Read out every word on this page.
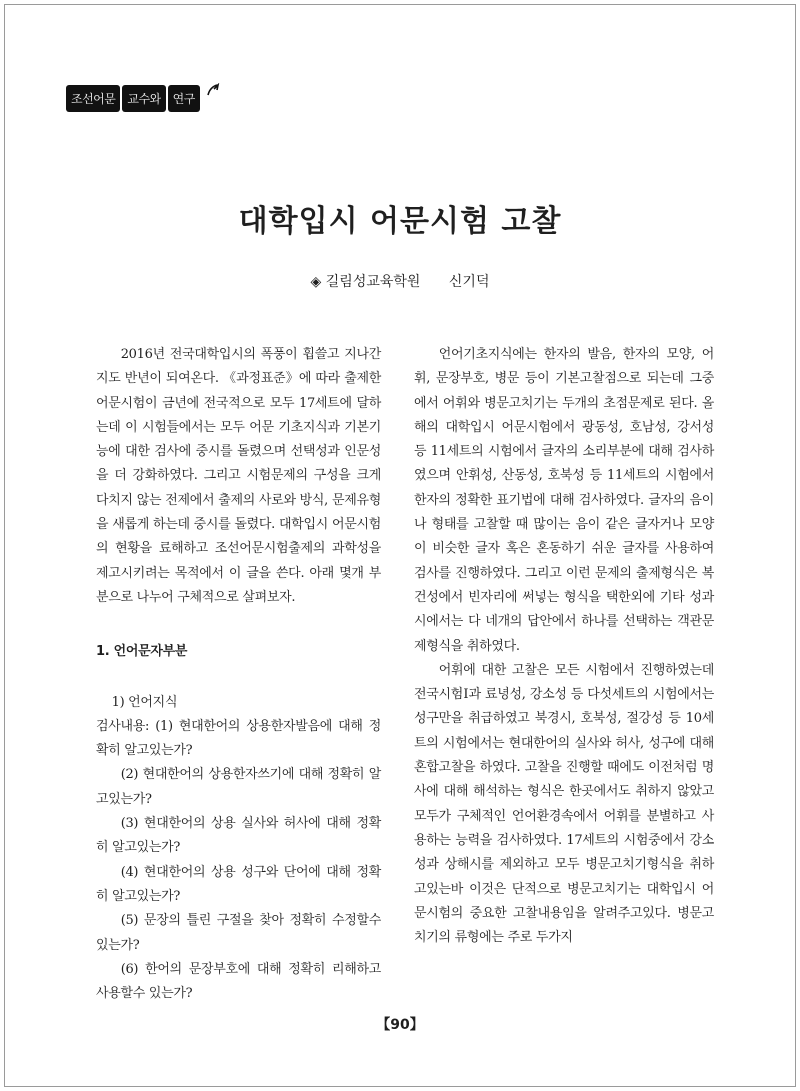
조선어문	교수와	연구
대학입시 어문시험 고찰
◈ 길림성교육학원 신기덕

2016년 전국대학입시의 폭풍이 휩쓸고 지나간지도 반년이 되여온다. 《과정표준》에 따라 출제한 어문시험이 금년에 전국적으로 모두 17세트에 달하는데 이 시험들에서는 모두 어문 기초지식과 기본기능에 대한 검사에 중시를 돌렸으며 선택성과 인문성을 더 강화하였다. 그리고 시험문제의 구성을 크게 다치지 않는 전제에서 출제의 사로와 방식, 문제유형을 새롭게 하는데 중시를 돌렸다. 대학입시 어문시험의 현황을 료해하고 조선어문시험출제의 과학성을 제고시키려는 목적에서 이 글을 쓴다. 아래 몇개 부분으로 나누어 구체적으로 살펴보자.

1. 언어문자부분

1) 언어지식

검사내용: (1) 현대한어의 상용한자발음에 대해 정확히 알고있는가?

(2) 현대한어의 상용한자쓰기에 대해 정확히 알고있는가?

(3) 현대한어의 상용 실사와 허사에 대해 정확히 알고있는가?

(4) 현대한어의 상용 성구와 단어에 대해 정확히 알고있는가?

(5) 문장의 틀린 구절을 찾아 정확히 수정할수 있는가?

(6) 한어의 문장부호에 대해 정확히 리해하고 사용할수 있는가?

언어기초지식에는 한자의 발음, 한자의 모양, 어휘, 문장부호, 병문 등이 기본고찰점으로 되는데 그중에서 어휘와 병문고치기는 두개의 초점문제로 된다. 올해의 대학입시 어문시험에서 광동성, 호남성, 강서성 등 11세트의 시험에서 글자의 소리부분에 대해 검사하였으며 안휘성, 산동성, 호북성 등 11세트의 시험에서 한자의 정확한 표기법에 대해 검사하였다. 글자의 음이나 형태를 고찰할 때 많이는 음이 같은 글자거나 모양이 비슷한 글자 혹은 혼동하기 쉬운 글자를 사용하여 검사를 진행하였다. 그리고 이런 문제의 출제형식은 복건성에서 빈자리에 써넣는 형식을 택한외에 기타 성과 시에서는 다 네개의 답안에서 하나를 선택하는 객관문제형식을 취하였다.

어휘에 대한 고찰은 모든 시험에서 진행하였는데 전국시험Ⅰ과 료녕성, 강소성 등 다섯세트의 시험에서는 성구만을 취급하였고 북경시, 호북성, 절강성 등 10세트의 시험에서는 현대한어의 실사와 허사, 성구에 대해 혼합고찰을 하였다. 고찰을 진행할 때에도 이전처럼 명사에 대해 해석하는 형식은 한곳에서도 취하지 않았고 모두가 구체적인 언어환경속에서 어휘를 분별하고 사용하는 능력을 검사하였다. 17세트의 시험중에서 강소성과 상해시를 제외하고 모두 병문고치기형식을 취하고있는바 이것은 단적으로 병문고치기는 대학입시 어문시험의 중요한 고찰내용임을 알려주고있다. 병문고치기의 류형에는 주로 두가지

【90】
